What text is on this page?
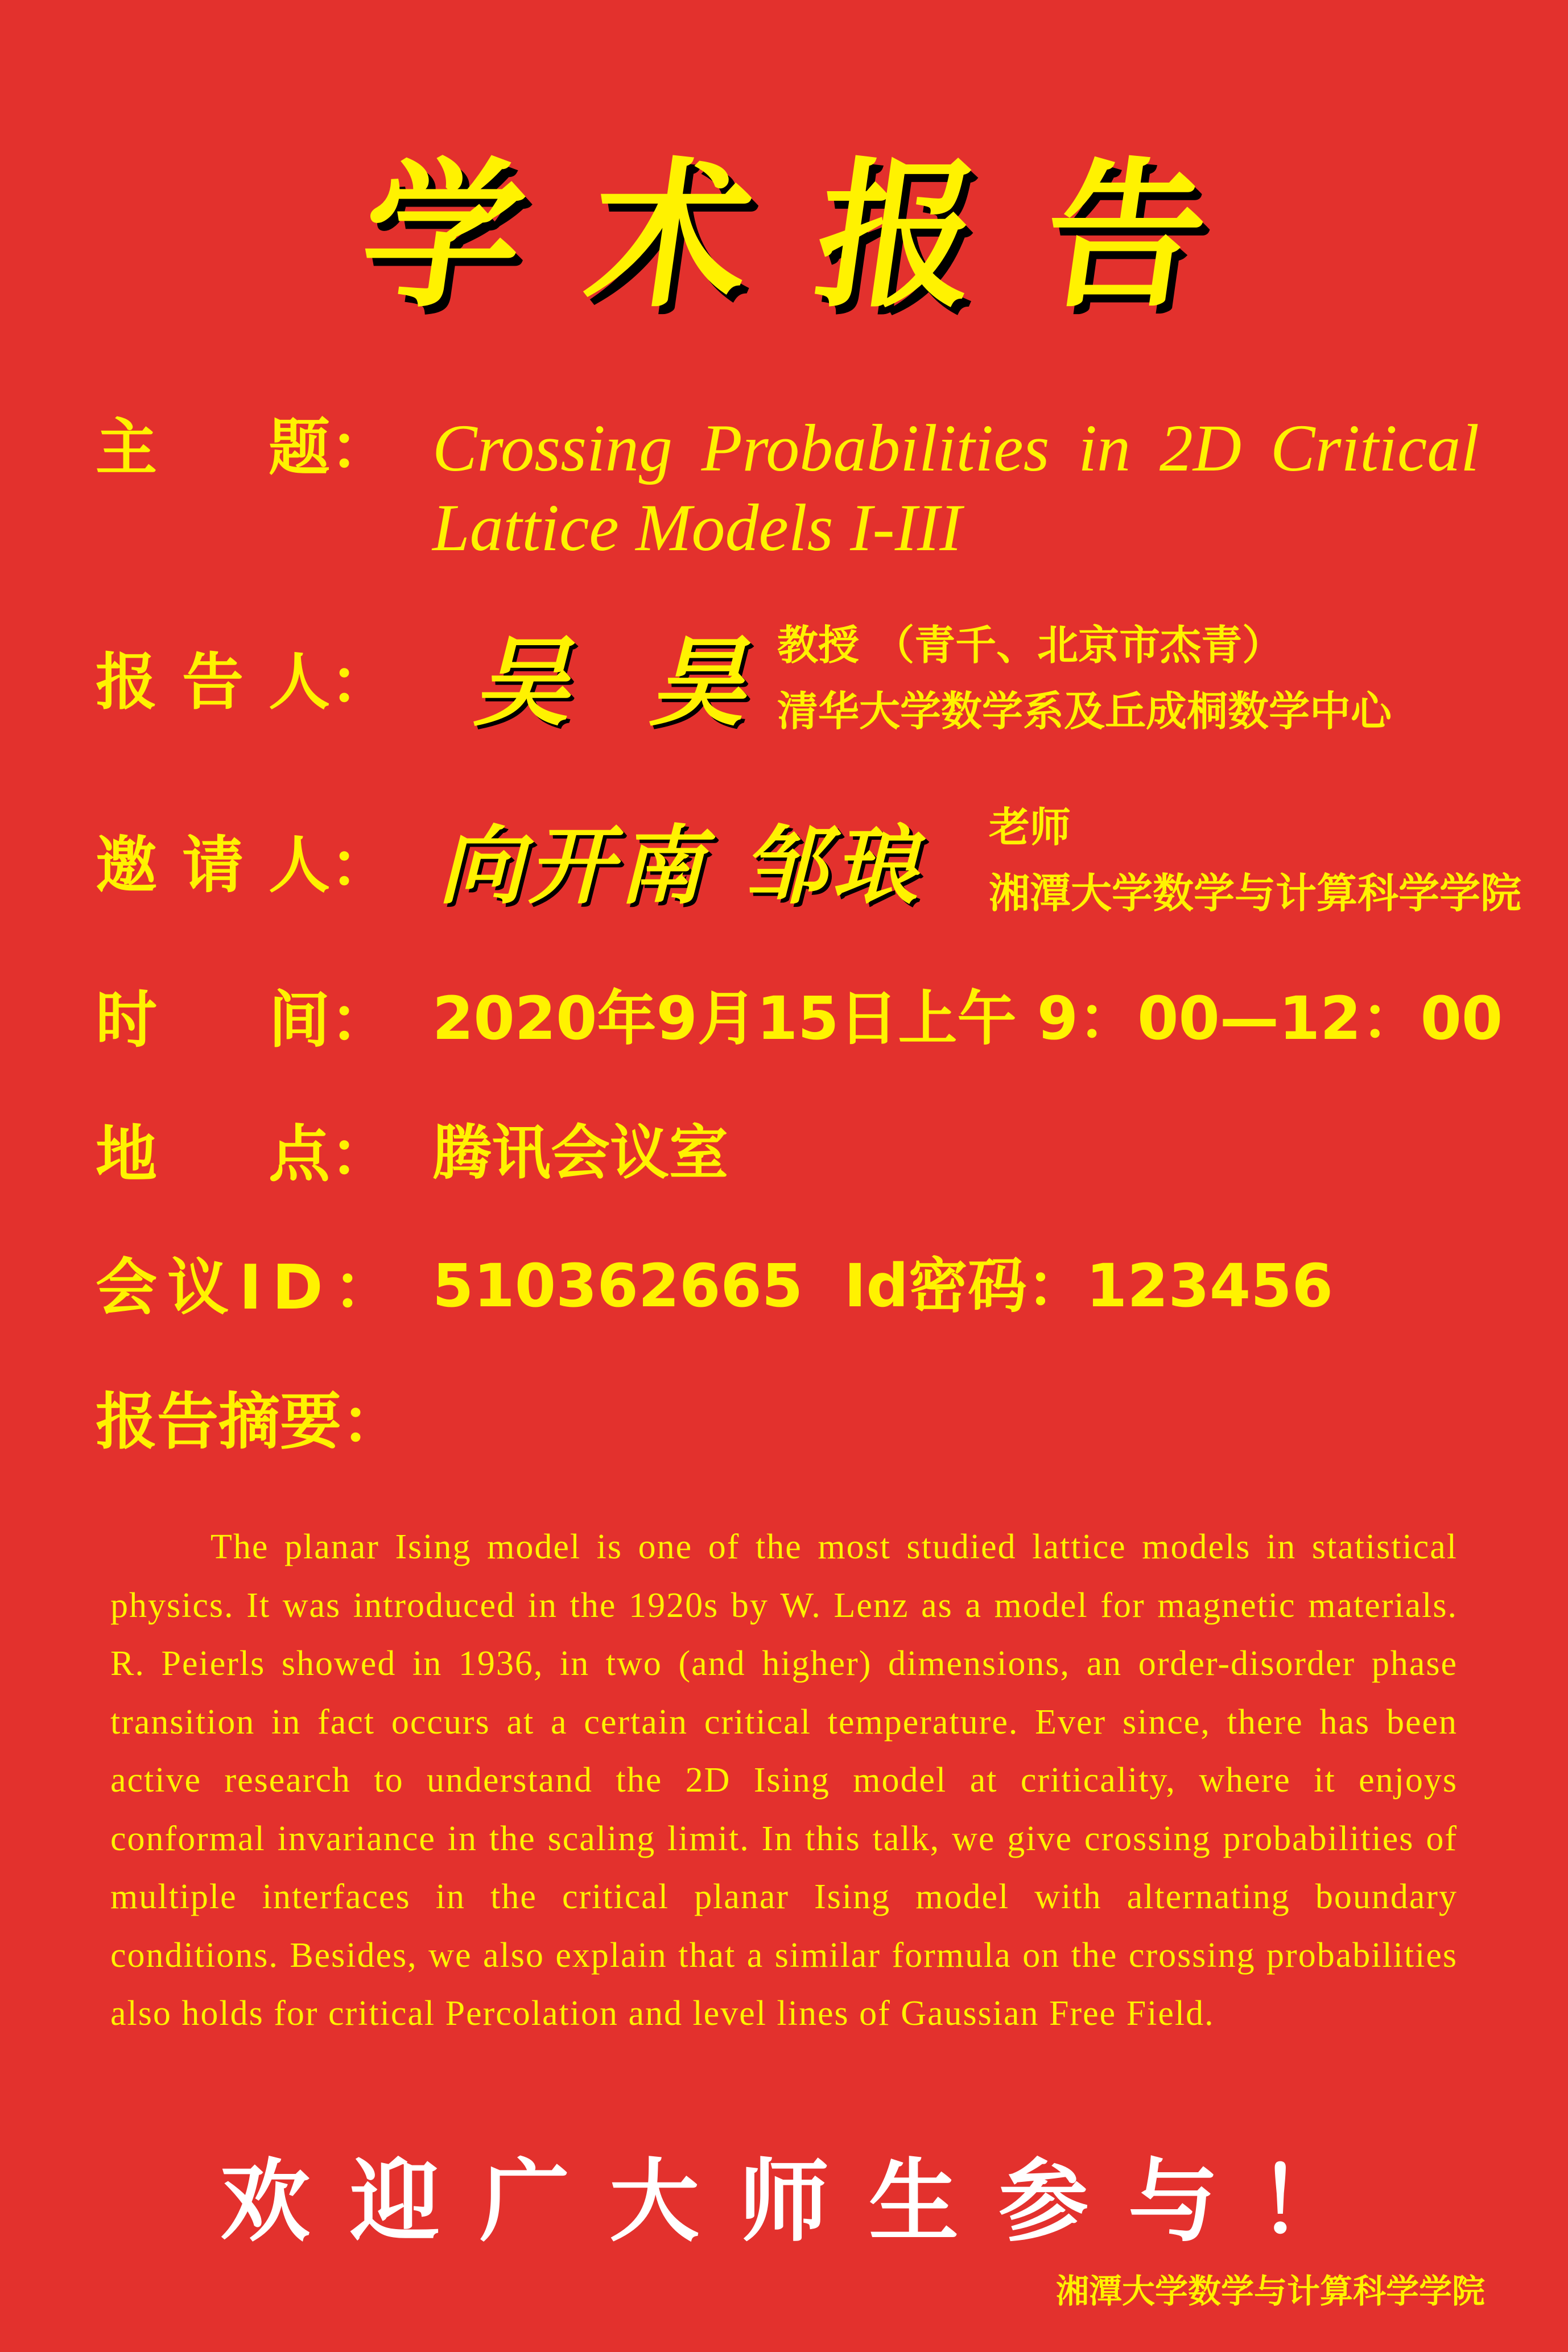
学术报告
主 题： Crossing Probabilities in 2D Critical Lattice Models I-III
报 告 人： 吴 昊 教授 （青千、北京市杰青）
清华大学数学系及丘成桐数学中心
邀 请 人： 向开南 邹琅 老师
湘潭大学数学与计算科学学院
时 间： 2020年9月15日上午 9：00—12：00
地 点： 腾讯会议室
会议ID： 510362665  Id密码：123456
报告摘要：

The planar Ising model is one of the most studied lattice models in statistical physics. It was introduced in the 1920s by W. Lenz as a model for magnetic materials. R. Peierls showed in 1936, in two (and higher) dimensions, an order-disorder phase transition in fact occurs at a certain critical temperature. Ever since, there has been active research to understand the 2D Ising model at criticality, where it enjoys conformal invariance in the scaling limit. In this talk, we give crossing probabilities of multiple interfaces in the critical planar Ising model with alternating boundary conditions. Besides, we also explain that a similar formula on the crossing probabilities also holds for critical Percolation and level lines of Gaussian Free Field.

欢迎广大师生参与！
湘潭大学数学与计算科学学院
